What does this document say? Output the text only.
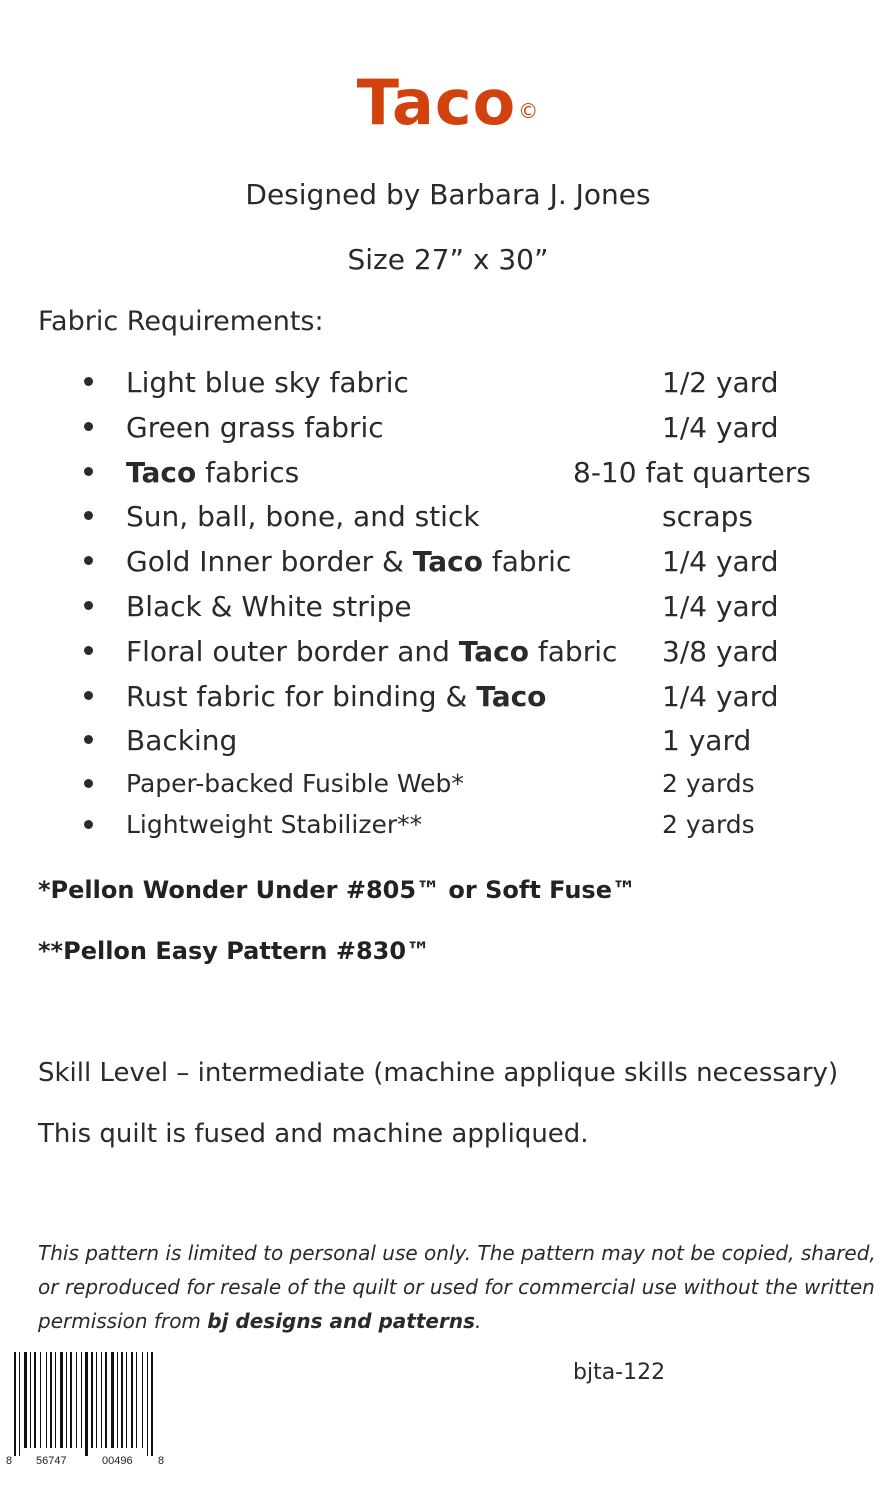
Taco ©
Designed by Barbara J. Jones
Size 27” x 30”
Fabric Requirements:
Light blue sky fabric	1/2 yard
Green grass fabric	1/4 yard
Taco fabrics	8-10 fat quarters
Sun, ball, bone, and stick	scraps
Gold Inner border & Taco fabric	1/4 yard
Black & White stripe	1/4 yard
Floral outer border and Taco fabric 3/8 yard
Rust fabric for binding & Taco	1/4 yard
Backing	1 yard
Paper-backed Fusible Web*	2 yards
Lightweight Stabilizer**	2 yards
*Pellon Wonder Under #805™ or Soft Fuse™
**Pellon Easy Pattern #830™
Skill Level – intermediate (machine applique skills necessary)
This quilt is fused and machine appliqued.
This pattern is limited to personal use only. The pattern may not be copied, shared, or reproduced for resale of the quilt or used for commercial use without the written permission from bj designs and patterns.
8 56747	00496 8
bjta-122
